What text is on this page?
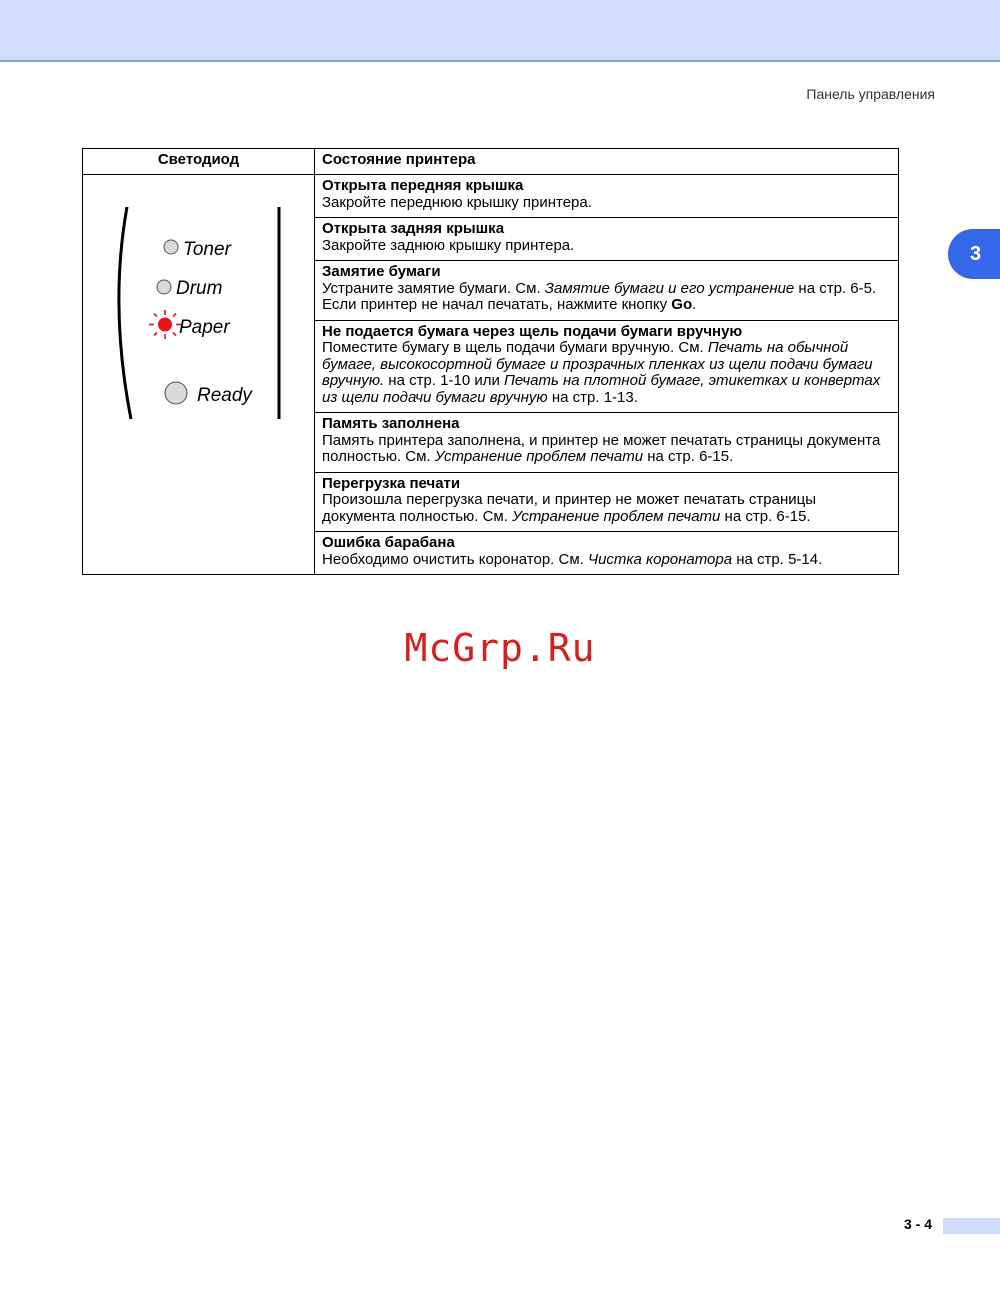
Панель управления
3
Светодиод	Состояние принтера

Toner
Drum
Paper
Ready	Открыта передняя крышка
Закройте переднюю крышку принтера.

	Открыта задняя крышка
Закройте заднюю крышку принтера.

	Замятие бумаги
Устраните замятие бумаги. См. Замятие бумаги и его устранение на стр. 6-5.
Если принтер не начал печатать, нажмите кнопку Go.

	Не подается бумага через щель подачи бумаги вручную
Поместите бумагу в щель подачи бумаги вручную. См. Печать на обычной бумаге, высокосортной бумаге и прозрачных пленках из щели подачи бумаги вручную. на стр. 1-10 или Печать на плотной бумаге, этикетках и конвертах из щели подачи бумаги вручную на стр. 1-13.

	Память заполнена
Память принтера заполнена, и принтер не может печатать страницы документа полностью. См. Устранение проблем печати на стр. 6-15.

	Перегрузка печати
Произошла перегрузка печати, и принтер не может печатать страницы документа полностью. См. Устранение проблем печати на стр. 6-15.

	Ошибка барабана
Необходимо очистить коронатор. См. Чистка коронатора на стр. 5-14.
McGrp.Ru
3 - 4
